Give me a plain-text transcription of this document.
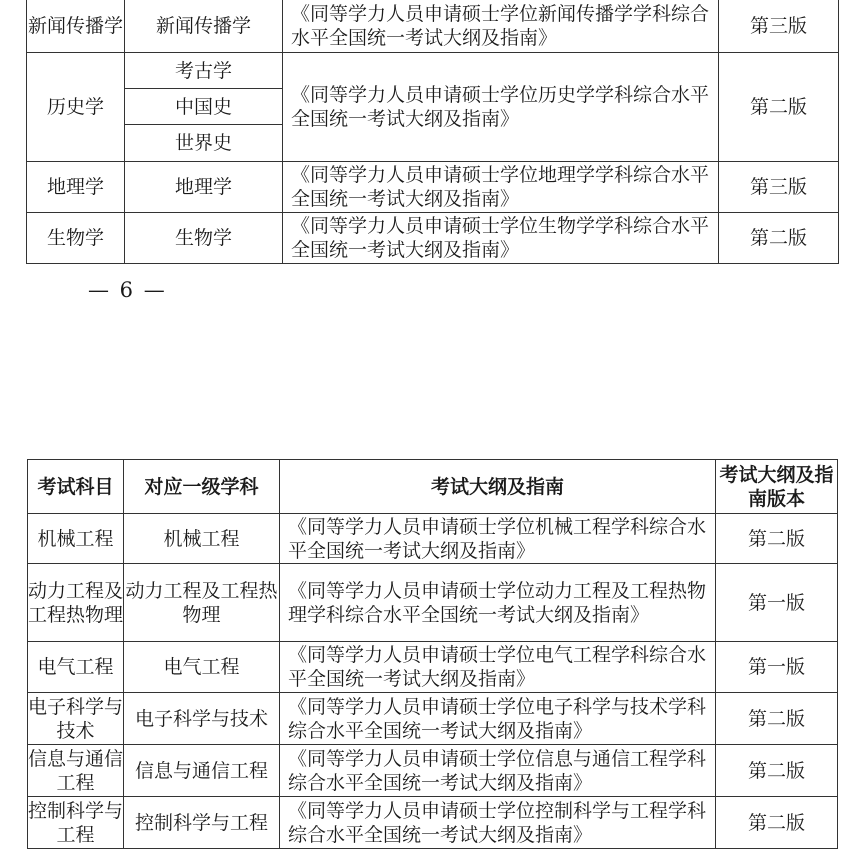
新闻传播学	新闻传播学	《同等学力人员申请硕士学位新闻传播学学科综合水平全国统一考试大纲及指南》	第三版
历史学	考古学	《同等学力人员申请硕士学位历史学学科综合水平全国统一考试大纲及指南》	第二版
	中国史		
	世界史		
地理学	地理学	《同等学力人员申请硕士学位地理学学科综合水平全国统一考试大纲及指南》	第三版
生物学	生物学	《同等学力人员申请硕士学位生物学学科综合水平全国统一考试大纲及指南》	第二版
— 6 —
考试科目	对应一级学科	考试大纲及指南	考试大纲及指南版本
机械工程	机械工程	《同等学力人员申请硕士学位机械工程学科综合水平全国统一考试大纲及指南》	第二版
动力工程及工程热物理	动力工程及工程热物理	《同等学力人员申请硕士学位动力工程及工程热物理学科综合水平全国统一考试大纲及指南》	第一版
电气工程	电气工程	《同等学力人员申请硕士学位电气工程学科综合水平全国统一考试大纲及指南》	第一版
电子科学与技术	电子科学与技术	《同等学力人员申请硕士学位电子科学与技术学科综合水平全国统一考试大纲及指南》	第二版
信息与通信工程	信息与通信工程	《同等学力人员申请硕士学位信息与通信工程学科综合水平全国统一考试大纲及指南》	第二版
控制科学与工程	控制科学与工程	《同等学力人员申请硕士学位控制科学与工程学科综合水平全国统一考试大纲及指南》	第二版
